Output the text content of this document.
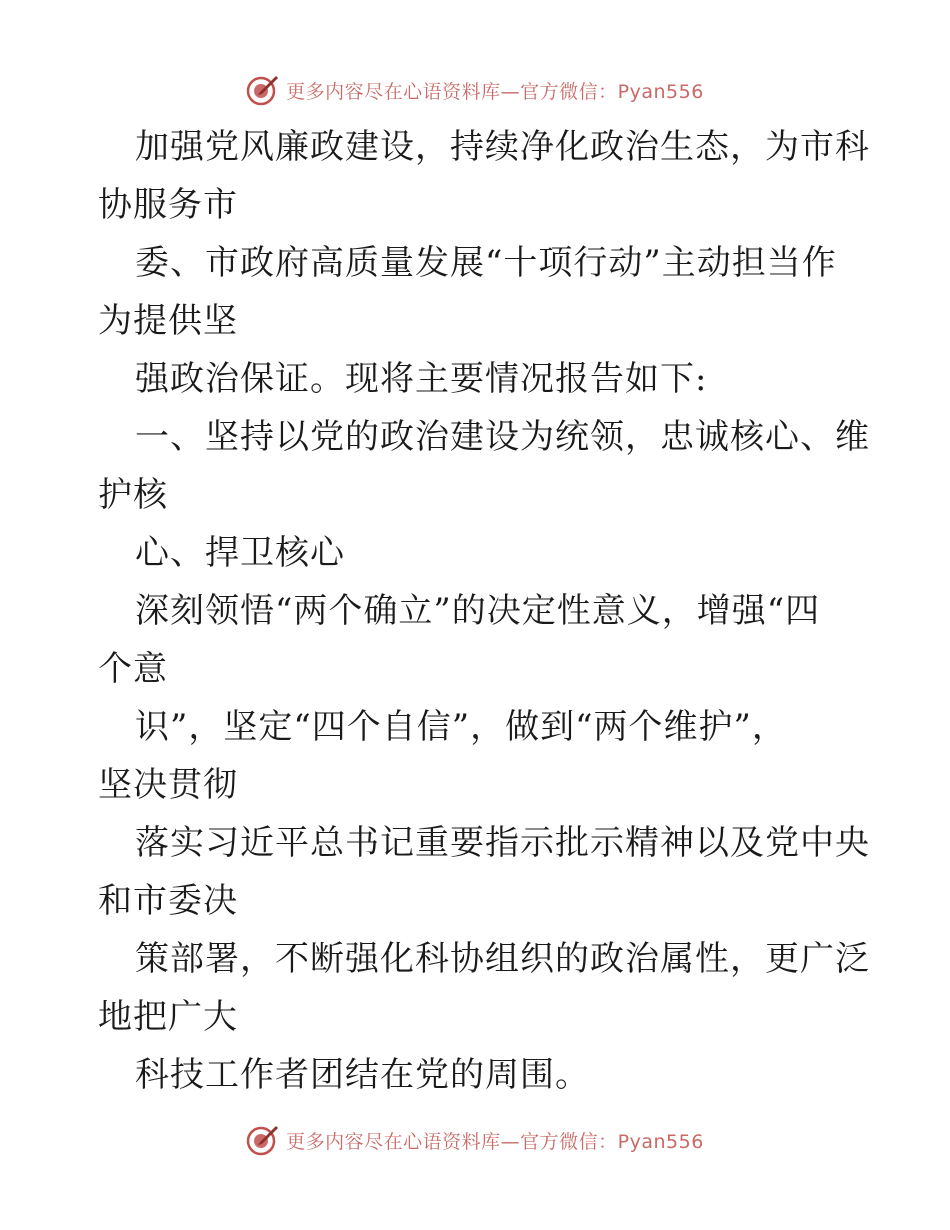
更多内容尽在心语资料库—官方微信：Pyan556
加强党风廉政建设，持续净化政治生态，为市科
协服务市
委、市政府高质量发展“十项行动”主动担当作
为提供坚
强政治保证。现将主要情况报告如下:
一、坚持以党的政治建设为统领，忠诚核心、维
护核
心、捍卫核心
深刻领悟“两个确立”的决定性意义，增强“四
个意
识”，坚定“四个自信”，做到“两个维护”，
坚决贯彻
落实习近平总书记重要指示批示精神以及党中央
和市委决
策部署，不断强化科协组织的政治属性，更广泛
地把广大
科技工作者团结在党的周围。
更多内容尽在心语资料库—官方微信：Pyan556
